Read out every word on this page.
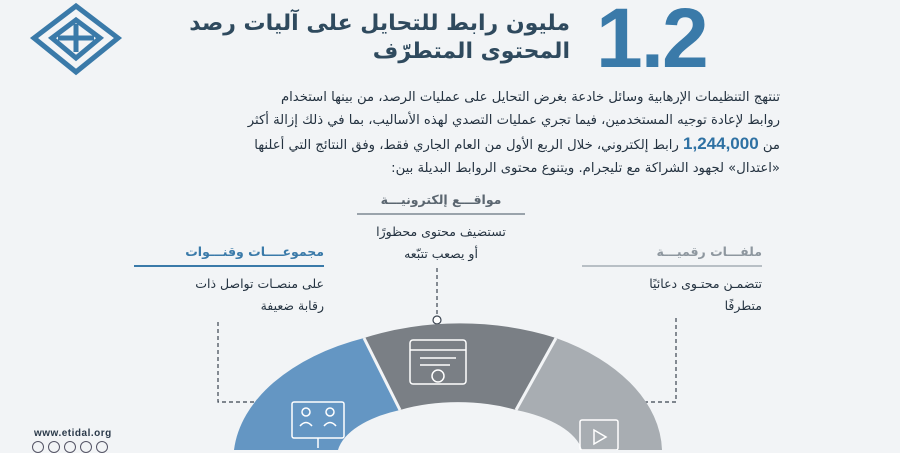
1.2
مليون رابط للتحايل على آليات رصد
المحتوى المتطرّف
تنتهج التنظيمات الإرهابية وسائل خادعة بغرض التحايل على عمليات الرصد، من بينها استخدام
روابط لإعادة توجيه المستخدمين، فيما تجري عمليات التصدي لهذه الأساليب، بما في ذلك إزالة أكثر
من 1,244,000 رابط إلكتروني، خلال الربع الأول من العام الجاري فقط، وفق النتائج التي أعلنها
«اعتدال» لجهود الشراكة مع تليجرام. ويتنوع محتوى الروابط البديلة بين:
مواقـــع إلكترونيـــة
تستضيف محتوى محظورًا
أو يصعب تتبّعه
مجموعــــات وقنـــوات
على منصـات تواصل ذات
رقابة ضعيفة
ملفـــات رقميـــة
تتضمـن محتـوى دعائيًا
متطرفًا
www.etidal.org
